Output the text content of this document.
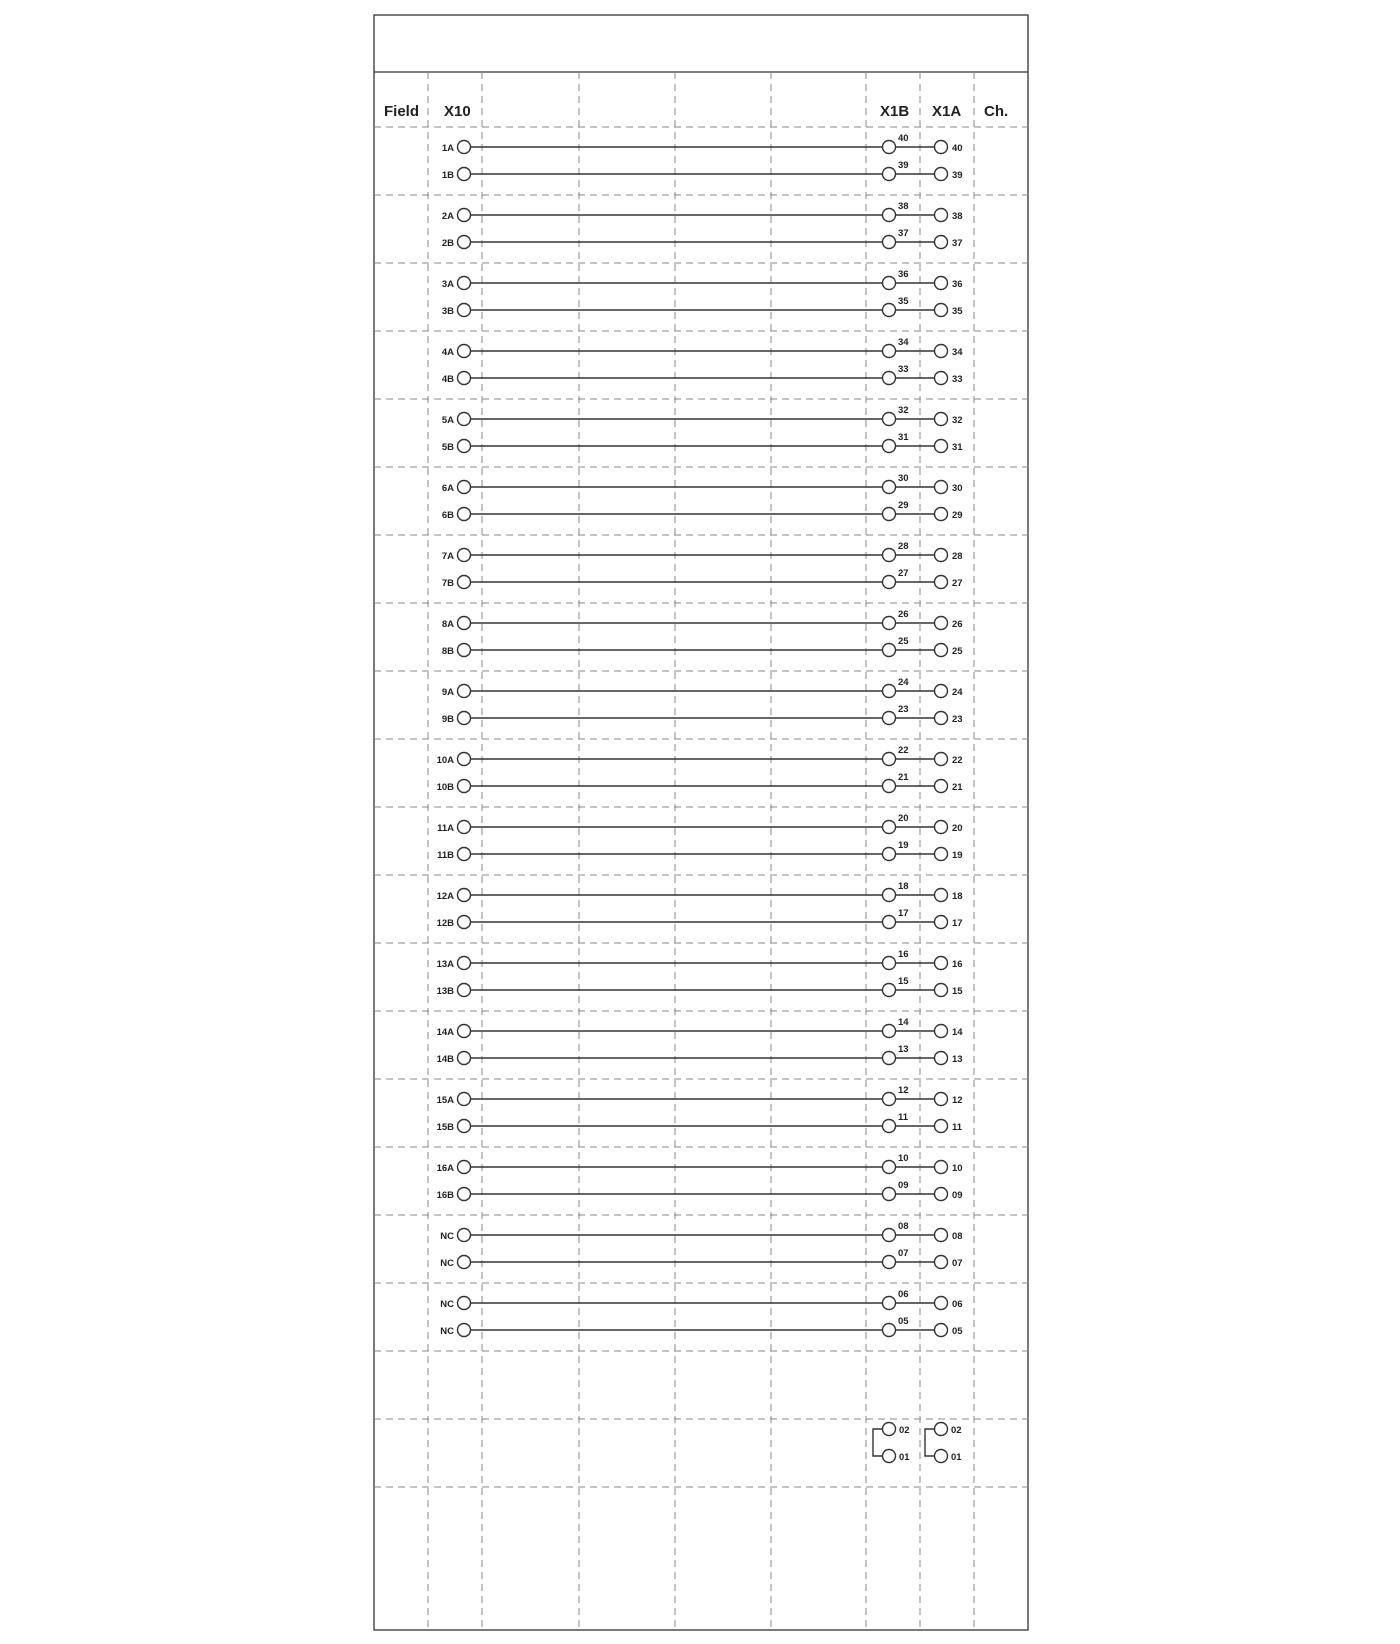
Field X10	X1B X1A Ch.
1A
40
40
1B
39
39
2A
38
38
2B
37
37
3A
36
36
3B
35
35
4A
34
34
4B
33
33
5A
32
32
5B
31
31
6A
30
30
6B
29
29
7A
28
28
7B
27
27
8A
26
26
8B
25
25
9A
24
24
9B
23
23
10A
22
22
10B
21
21
11A
20
20
11B
19
19
12A
18
18
12B
17
17
13A
16
16
13B
15
15
14A
14
14
14B
13
13
15A
12
12
15B
11
11
16A
10
10
16B
09
09
NC
08
08
NC
07
07
NC
06
06
NC
05
05
02
01
02
01
